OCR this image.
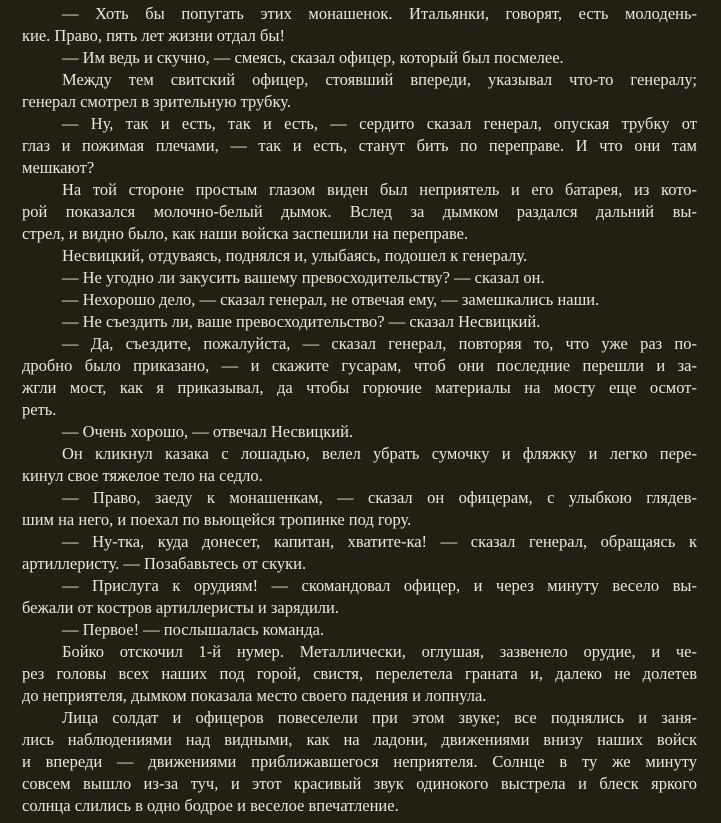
— Хоть бы попугать этих монашенок. Итальянки, говорят, есть молодень-
кие. Право, пять лет жизни отдал бы!
— Им ведь и скучно, — смеясь, сказал офицер, который был посмелее.
Между тем свитский офицер, стоявший впереди, указывал что-то генералу;
генерал смотрел в зрительную трубку.
— Ну, так и есть, так и есть, — сердито сказал генерал, опуская трубку от
глаз и пожимая плечами, — так и есть, станут бить по переправе. И что они там
мешкают?
На той стороне простым глазом виден был неприятель и его батарея, из кото-
рой показался молочно-белый дымок. Вслед за дымком раздался дальний вы-
стрел, и видно было, как наши войска заспешили на переправе.
Несвицкий, отдуваясь, поднялся и, улыбаясь, подошел к генералу.
— Не угодно ли закусить вашему превосходительству? — сказал он.
— Нехорошо дело, — сказал генерал, не отвечая ему, — замешкались наши.
— Не съездить ли, ваше превосходительство? — сказал Несвицкий.
— Да, съездите, пожалуйста, — сказал генерал, повторяя то, что уже раз по-
дробно было приказано, — и скажите гусарам, чтоб они последние перешли и за-
жгли мост, как я приказывал, да чтобы горючие материалы на мосту еще осмот-
реть.
— Очень хорошо, — отвечал Несвицкий.
Он кликнул казака с лошадью, велел убрать сумочку и фляжку и легко пере-
кинул свое тяжелое тело на седло.
— Право, заеду к монашенкам, — сказал он офицерам, с улыбкою глядев-
шим на него, и поехал по вьющейся тропинке под гору.
— Ну-тка, куда донесет, капитан, хватите-ка! — сказал генерал, обращаясь к
артиллеристу. — Позабавьтесь от скуки.
— Прислуга к орудиям! — скомандовал офицер, и через минуту весело вы-
бежали от костров артиллеристы и зарядили.
— Первое! — послышалась команда.
Бойко отскочил 1-й нумер. Металлически, оглушая, зазвенело орудие, и че-
рез головы всех наших под горой, свистя, перелетела граната и, далеко не долетев
до неприятеля, дымком показала место своего падения и лопнула.
Лица солдат и офицеров повеселели при этом звуке; все поднялись и заня-
лись наблюдениями над видными, как на ладони, движениями внизу наших войск
и впереди — движениями приближавшегося неприятеля. Солнце в ту же минуту
совсем вышло из-за туч, и этот красивый звук одинокого выстрела и блеск яркого
солнца слились в одно бодрое и веселое впечатление.
